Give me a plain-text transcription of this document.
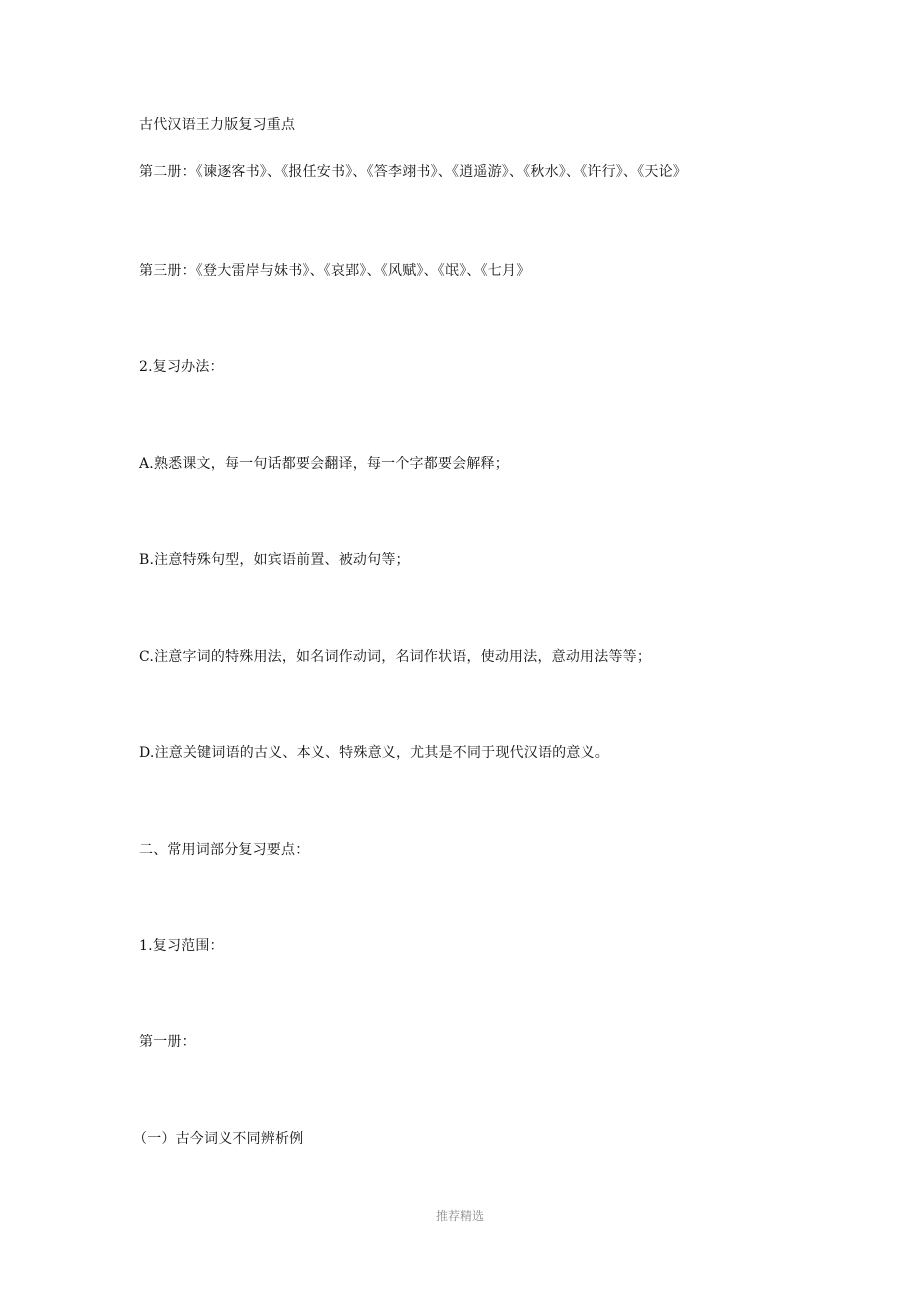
古代汉语王力版复习重点
第二册：《谏逐客书》、《报任安书》、《答李翊书》、《逍遥游》、《秋水》、《许行》、《天论》
第三册：《登大雷岸与妹书》、《哀郢》、《风赋》、《氓》、《七月》
2.复习办法：
A.熟悉课文，每一句话都要会翻译，每一个字都要会解释；
B.注意特殊句型，如宾语前置、被动句等；
C.注意字词的特殊用法，如名词作动词，名词作状语，使动用法，意动用法等等；
D.注意关键词语的古义、本义、特殊意义，尤其是不同于现代汉语的意义。
二、常用词部分复习要点：
1.复习范围：
第一册：
（一）古今词义不同辨析例
推荐精选
